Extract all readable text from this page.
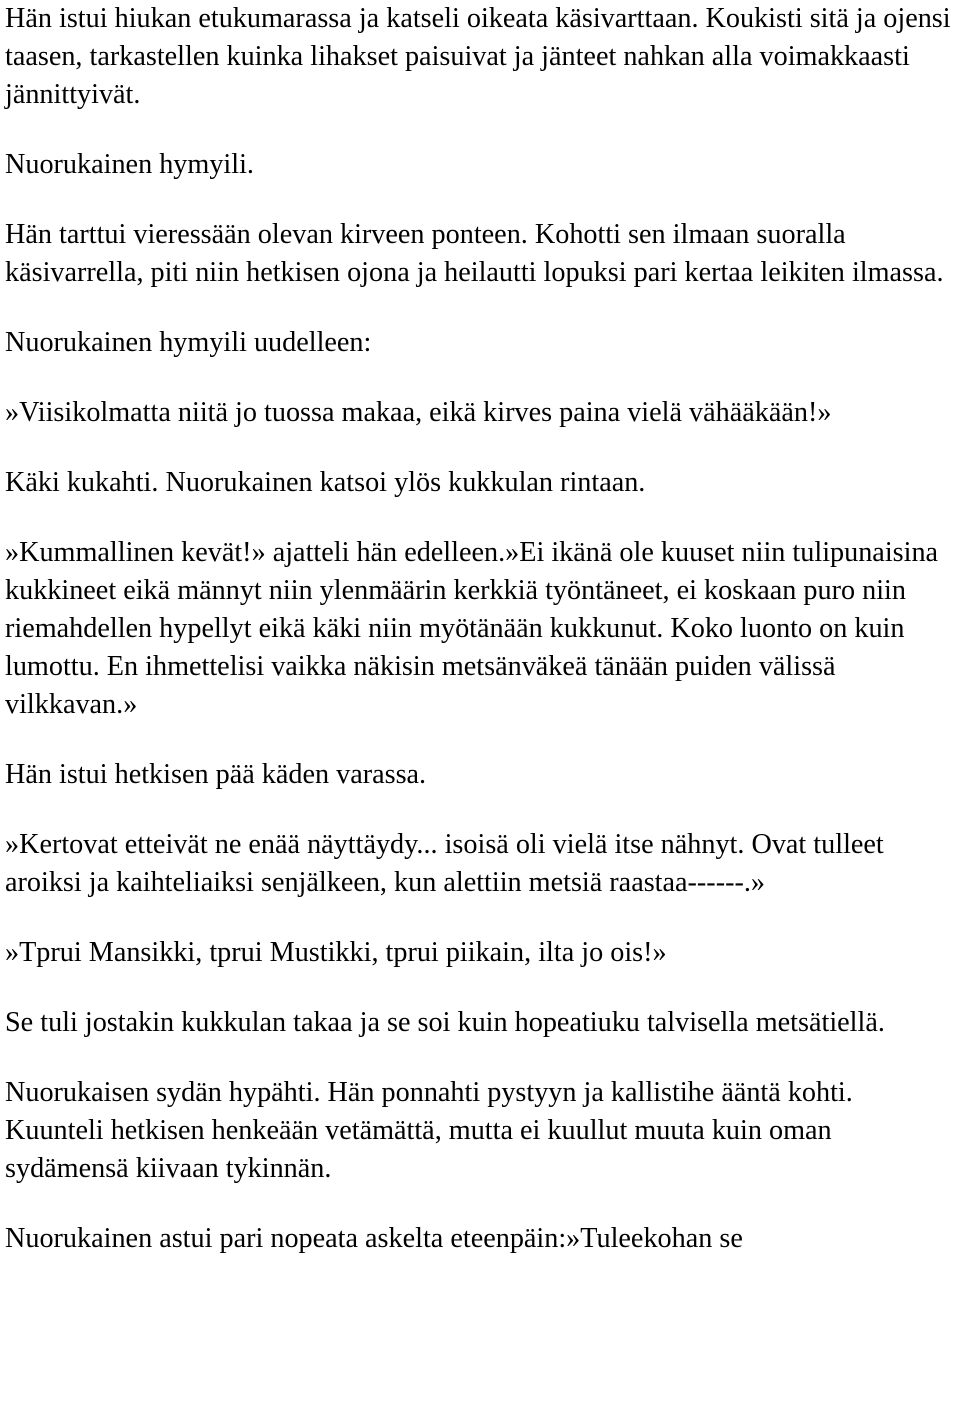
Hän istui hiukan etukumarassa ja katseli oikeata käsivarttaan. Koukisti sitä ja ojensi taasen, tarkastellen kuinka lihakset paisuivat ja jänteet nahkan alla voimakkaasti jännittyivät.

Nuorukainen hymyili.

Hän tarttui vieressään olevan kirveen ponteen. Kohotti sen ilmaan suoralla käsivarrella, piti niin hetkisen ojona ja heilautti lopuksi pari kertaa leikiten ilmassa.

Nuorukainen hymyili uudelleen:

»Viisikolmatta niitä jo tuossa makaa, eikä kirves paina vielä vähääkään!»

Käki kukahti. Nuorukainen katsoi ylös kukkulan rintaan.

»Kummallinen kevät!» ajatteli hän edelleen.»Ei ikänä ole kuuset niin tulipunaisina kukkineet eikä männyt niin ylenmäärin kerkkiä työntäneet, ei koskaan puro niin riemahdellen hypellyt eikä käki niin myötänään kukkunut. Koko luonto on kuin lumottu. En ihmettelisi vaikka näkisin metsänväkeä tänään puiden välissä vilkkavan.»

Hän istui hetkisen pää käden varassa.

»Kertovat etteivät ne enää näyttäydy... isoisä oli vielä itse nähnyt. Ovat tulleet aroiksi ja kaihteliaiksi senjälkeen, kun alettiin metsiä raastaa------.»

»Tprui Mansikki, tprui Mustikki, tprui piikain, ilta jo ois!»

Se tuli jostakin kukkulan takaa ja se soi kuin hopeatiuku talvisella metsätiellä.

Nuorukaisen sydän hypähti. Hän ponnahti pystyyn ja kallistihe ääntä kohti. Kuunteli hetkisen henkeään vetämättä, mutta ei kuullut muuta kuin oman sydämensä kiivaan tykinnän.

Nuorukainen astui pari nopeata askelta eteenpäin:»Tuleekohan se
